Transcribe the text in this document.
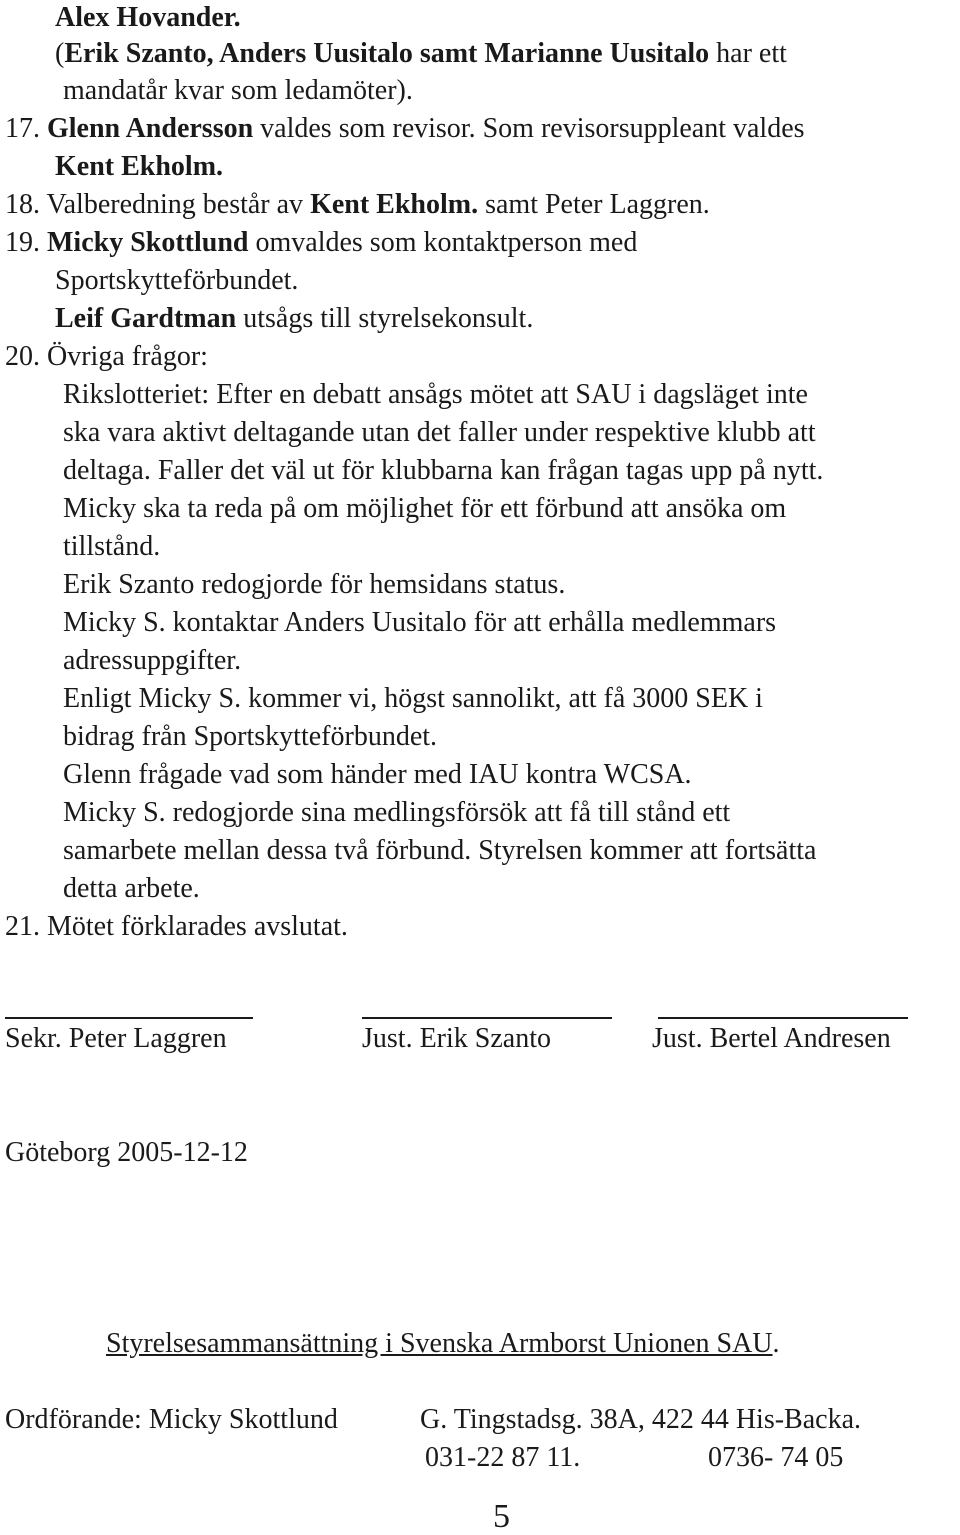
Alex Hovander.
(Erik Szanto, Anders Uusitalo samt Marianne Uusitalo har ett
mandatår kvar som ledamöter).
17. Glenn Andersson valdes som revisor. Som revisorsuppleant valdes
Kent Ekholm.
18. Valberedning består av Kent Ekholm. samt Peter Laggren.
19. Micky Skottlund omvaldes som kontaktperson med
Sportskytteförbundet.
Leif Gardtman utsågs till styrelsekonsult.
20. Övriga frågor:
Rikslotteriet: Efter en debatt ansågs mötet att SAU i dagsläget inte
ska vara aktivt deltagande utan det faller under respektive klubb att
deltaga. Faller det väl ut för klubbarna kan frågan tagas upp på nytt.
Micky ska ta reda på om möjlighet för ett förbund att ansöka om
tillstånd.
Erik Szanto redogjorde för hemsidans status.
Micky S. kontaktar Anders Uusitalo för att erhålla medlemmars
adressuppgifter.
Enligt Micky S. kommer vi, högst sannolikt, att få 3000 SEK i
bidrag från Sportskytteförbundet.
Glenn frågade vad som händer med IAU kontra WCSA.
Micky S. redogjorde sina medlingsförsök att få till stånd ett
samarbete mellan dessa två förbund. Styrelsen kommer att fortsätta
detta arbete.
21. Mötet förklarades avslutat.
Sekr. Peter Laggren	Just. Erik Szanto	Just. Bertel Andresen
Göteborg 2005-12-12
Styrelsesammansättning i Svenska Armborst Unionen SAU.
Ordförande: Micky Skottlund	G. Tingstadsg. 38A, 422 44 His-Backa.
031-22 87 11.	0736- 74 05
5
